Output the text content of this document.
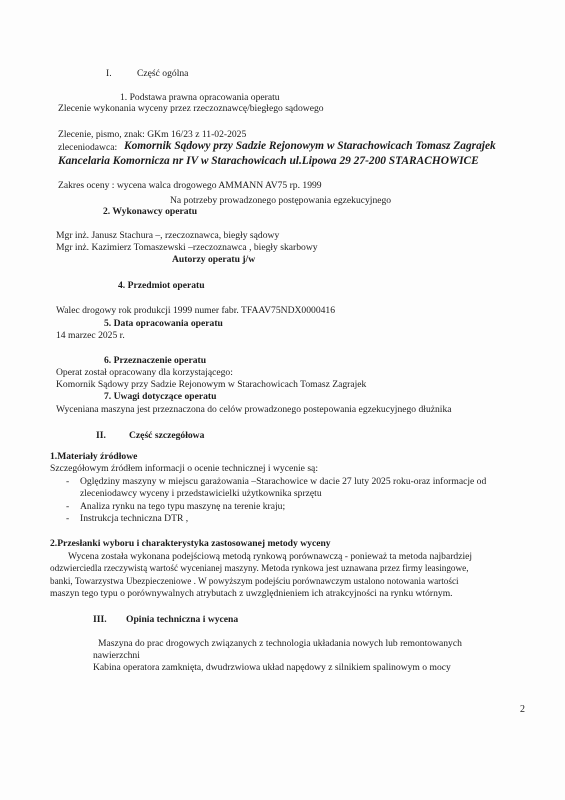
I.	Część ogólna
1. Podstawa prawna opracowania operatu
Zlecenie wykonania wyceny przez rzeczoznawcę/biegłego sądowego
Zlecenie, pismo, znak: GKm 16/23 z 11-02-2025
zleceniodawca: Komornik Sądowy przy Sadzie Rejonowym w Starachowicach Tomasz Zagrajek
Kancelaria Komornicza nr IV w Starachowicach ul.Lipowa 29 27-200 STARACHOWICE
Zakres oceny : wycena walca drogowego AMMANN AV75 rp. 1999
Na potrzeby prowadzonego postępowania egzekucyjnego
2. Wykonawcy operatu
Mgr inż. Janusz Stachura –, rzeczoznawca, biegły sądowy
Mgr inż. Kazimierz Tomaszewski –rzeczoznawca , biegły skarbowy
Autorzy operatu j/w
4. Przedmiot operatu
Walec drogowy rok produkcji 1999 numer fabr. TFAAV75NDX0000416
5. Data opracowania operatu
14 marzec 2025 r.
6. Przeznaczenie operatu
Operat został opracowany dla korzystającego:
Komornik Sądowy przy Sadzie Rejonowym w Starachowicach Tomasz Zagrajek
7. Uwagi dotyczące operatu
Wyceniana maszyna jest przeznaczona do celów prowadzonego postepowania egzekucyjnego dłużnika
II. Część szczegółowa
1.Materiały źródłowe
Szczegółowym źródłem informacji o ocenie technicznej i wycenie są:
- Oględziny maszyny w miejscu garażowania –Starachowice w dacie 27 luty 2025 roku-oraz informacje od
zleceniodawcy wyceny i przedstawicielki użytkownika sprzętu
- Analiza rynku na tego typu maszynę na terenie kraju;
- Instrukcja techniczna DTR ,
2.Przesłanki wyboru i charakterystyka zastosowanej metody wyceny
Wycena została wykonana podejściową metodą rynkową porównawczą - ponieważ ta metoda najbardziej
odzwierciedla rzeczywistą wartość wycenianej maszyny. Metoda rynkowa jest uznawana przez firmy leasingowe,
banki, Towarzystwa Ubezpieczeniowe . W powyższym podejściu porównawczym ustalono notowania wartości
maszyn tego typu o porównywalnych atrybutach z uwzględnieniem ich atrakcyjności na rynku wtórnym.
III. Opinia techniczna i wycena
Maszyna do prac drogowych związanych z technologia układania nowych lub remontowanych
nawierzchni
Kabina operatora zamknięta, dwudrzwiowa układ napędowy z silnikiem spalinowym o mocy
2
